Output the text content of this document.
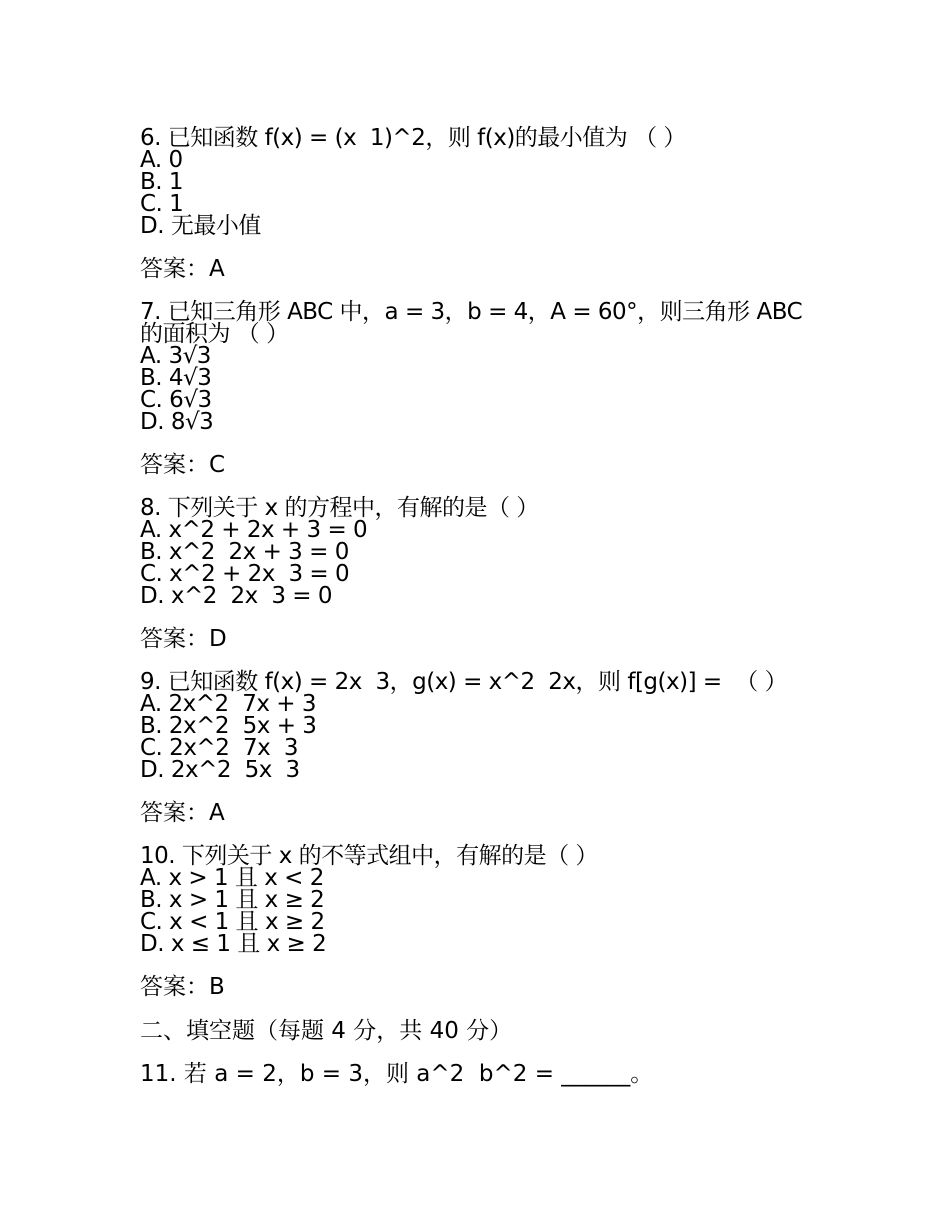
6. 已知函数 f(x) = (x  1)^2，则 f(x)的最小值为 （ ）
A. 0
B. 1
C. 1
D. 无最小值
答案：A
7. 已知三角形 ABC 中，a = 3，b = 4，A = 60°，则三角形 ABC 的面积为 （ ）
A. 3√3
B. 4√3
C. 6√3
D. 8√3
答案：C
8. 下列关于 x 的方程中，有解的是（ ）
A. x^2 + 2x + 3 = 0
B. x^2  2x + 3 = 0
C. x^2 + 2x  3 = 0
D. x^2  2x  3 = 0
答案：D
9. 已知函数 f(x) = 2x  3，g(x) = x^2  2x，则 f[g(x)] =  （ ）
A. 2x^2  7x + 3
B. 2x^2  5x + 3
C. 2x^2  7x  3
D. 2x^2  5x  3
答案：A
10. 下列关于 x 的不等式组中，有解的是（ ）
A. x > 1 且 x < 2
B. x > 1 且 x ≥ 2
C. x < 1 且 x ≥ 2
D. x ≤ 1 且 x ≥ 2
答案：B
二、填空题（每题 4 分，共 40 分）
11. 若 a = 2，b = 3，则 a^2  b^2 = ______。
